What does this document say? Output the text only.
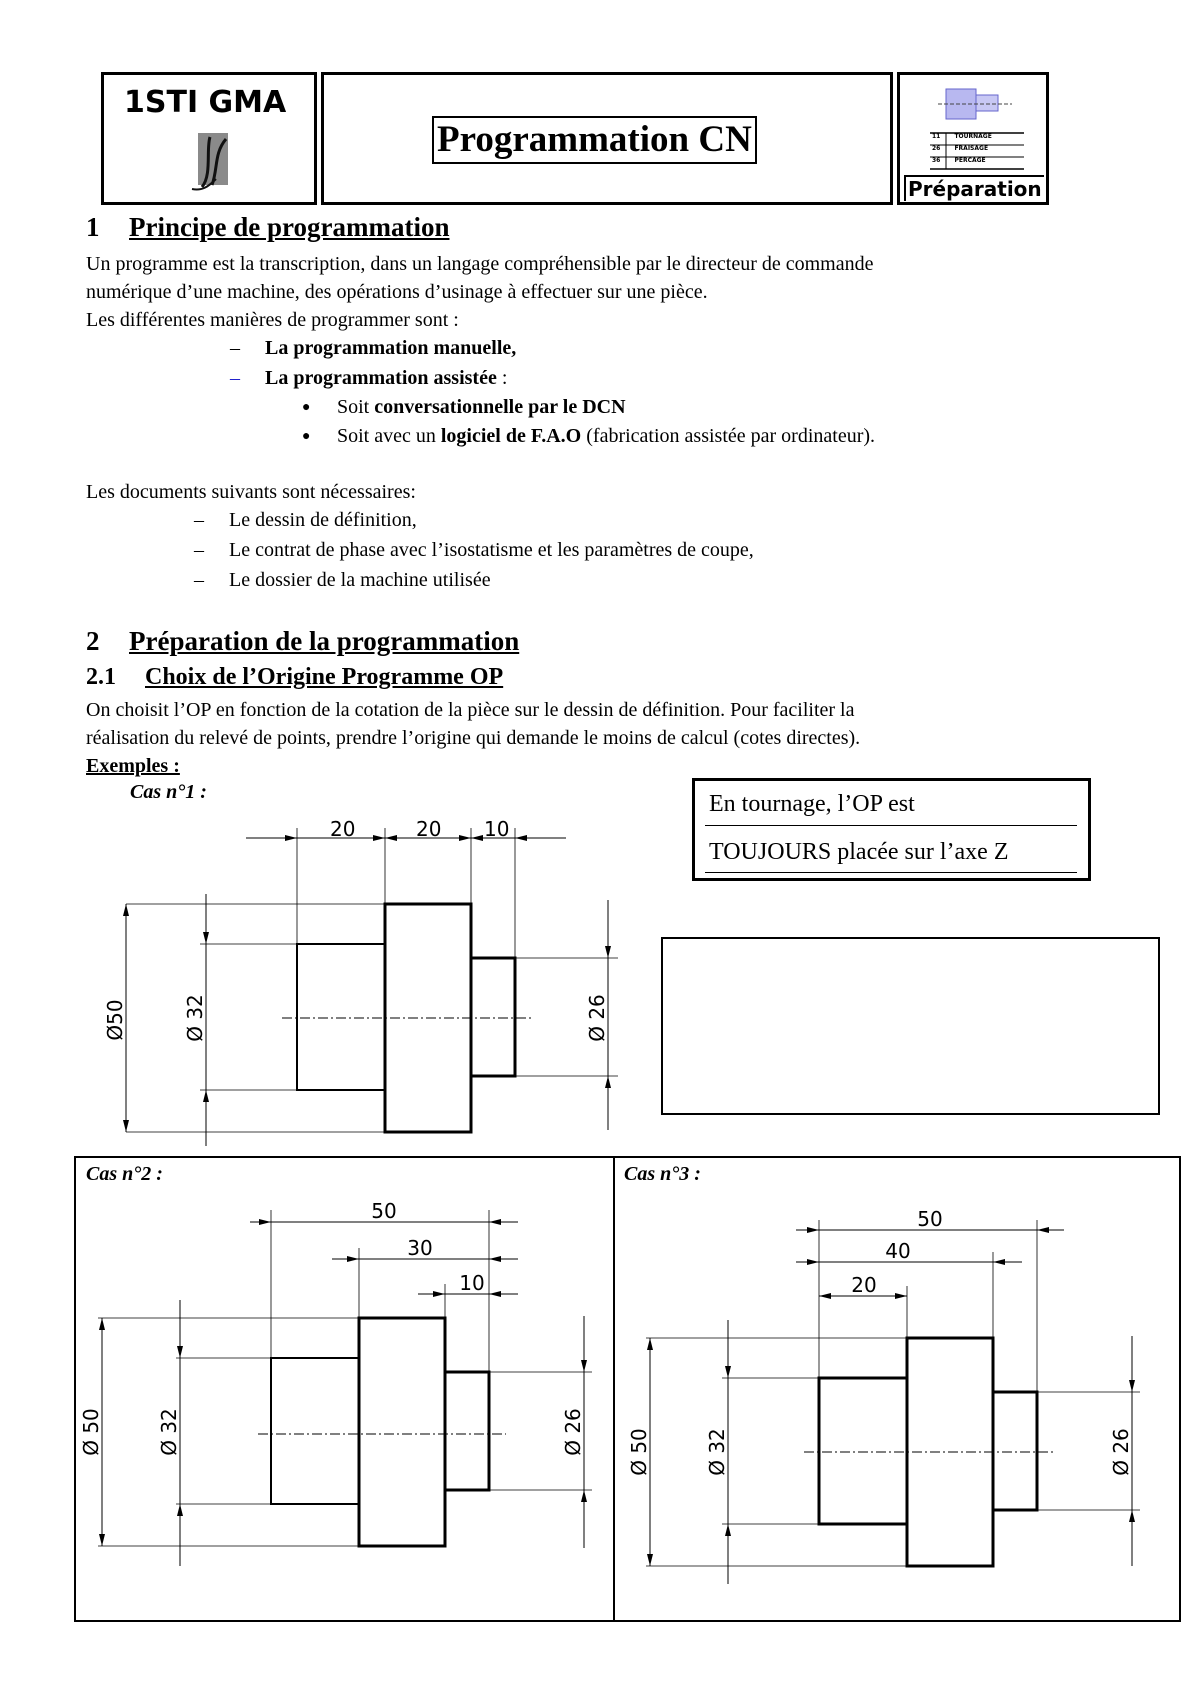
1STI GMA
Programmation CN	11 TOURNAGE
26 FRAISAGE
36 PERCAGE
Préparation
1 Principe de programmation
Un programme est la transcription, dans un langage compréhensible par le directeur de commande
numérique d’une machine, des opérations d’usinage à effectuer sur une pièce.
Les différentes manières de programmer sont :
– La programmation manuelle,
– La programmation assistée :
● Soit conversationnelle par le DCN
● Soit avec un logiciel de F.A.O (fabrication assistée par ordinateur).
Les documents suivants sont nécessaires:
– Le dessin de définition,
– Le contrat de phase avec l’isostatisme et les paramètres de coupe,
– Le dossier de la machine utilisée
2 Préparation de la programmation
2.1 Choix de l’Origine Programme OP
On choisit l’OP en fonction de la cotation de la pièce sur le dessin de définition. Pour faciliter la
réalisation du relevé de points, prendre l’origine qui demande le moins de calcul (cotes directes).
Exemples :
Cas n°1 :	En tournage, l’OP est
TOUJOURS placée sur l’axe Z
20	20 10
Ø50	Ø 32	Ø 26
Cas n°2 :	Cas n°3 :
50
30
10
Ø 50	Ø 32	Ø 26
50
40
20
Ø 50	Ø 32	Ø 26
